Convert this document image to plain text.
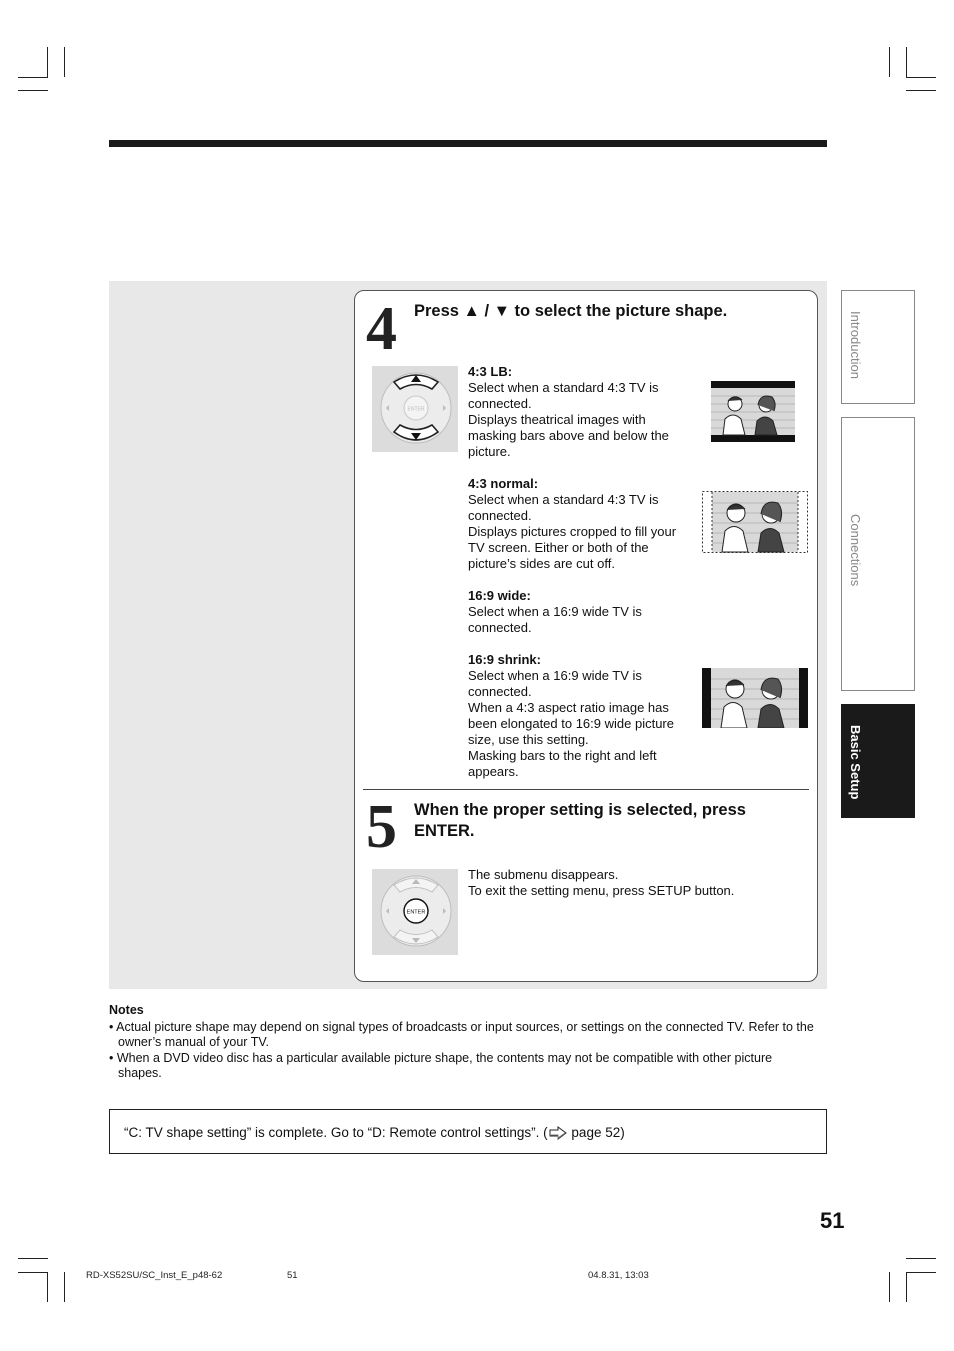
4 Press ▲ / ▼ to select the picture shape.
ENTER
4:3 LB:
Select when a standard 4:3 TV is connected.
Displays theatrical images with masking bars above and below the picture.
4:3 normal:
Select when a standard 4:3 TV is connected.
Displays pictures cropped to fill your TV screen. Either or both of the picture’s sides are cut off.
16:9 wide:
Select when a 16:9 wide TV is connected.
16:9 shrink:
Select when a 16:9 wide TV is connected.
When a 4:3 aspect ratio image has been elongated to 16:9 wide picture size, use this setting.
Masking bars to the right and left appears.
5 When the proper setting is selected, press ENTER.
ENTER
The submenu disappears.
To exit the setting menu, press SETUP button.
Introduction
Connections
Basic Setup
Notes
• Actual picture shape may depend on signal types of broadcasts or input sources, or settings on the connected TV. Refer to the owner’s manual of your TV.
• When a DVD video disc has a particular available picture shape, the contents may not be compatible with other picture shapes.
“C: TV shape setting” is complete. Go to “D: Remote control settings”. ( page 52)
51
RD-XS52SU/SC_Inst_E_p48-62	51	04.8.31, 13:03
